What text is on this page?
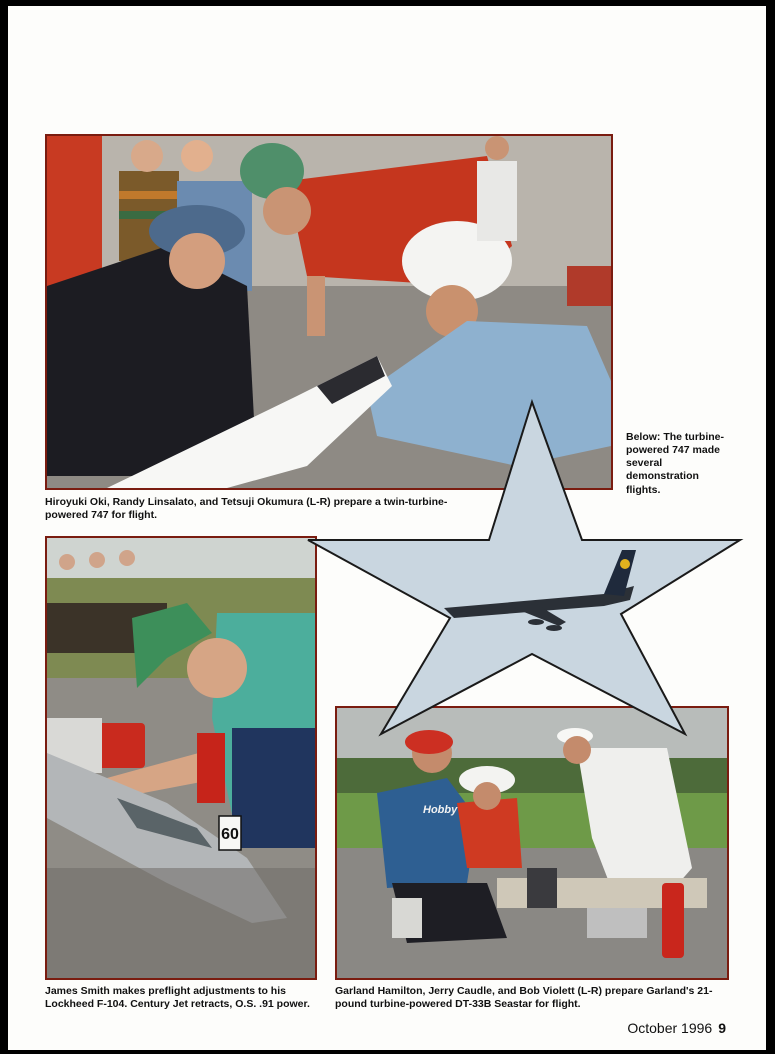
Hiroyuki Oki, Randy Linsalato, and Tetsuji Okumura (L-R) prepare a twin-turbine-powered 747 for flight.
Below: The turbine-powered 747 made several demonstration flights.
60
James Smith makes preflight adjustments to his Lockheed F-104. Century Jet retracts, O.S. .91 power.
Hobby
Garland Hamilton, Jerry Caudle, and Bob Violett (L-R) prepare Garland's 21-pound turbine-powered DT-33B Seastar for flight.
October 1996 9
